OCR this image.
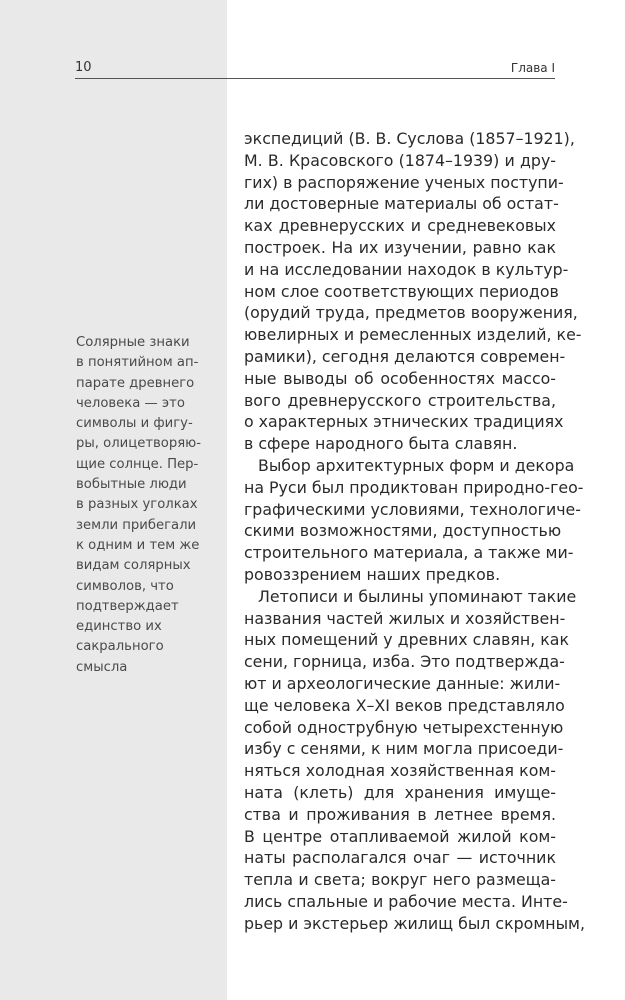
10	Глава I
Солярные знаки
в понятийном ап-
парате древнего
человека — это
символы и фигу-
ры, олицетворяю-
щие солнце. Пер-
вобытные люди
в разных уголках
земли прибегали
к одним и тем же
видам солярных
символов, что
подтверждает
единство их
сакрального
смысла

экспедиций (В. В. Суслова (1857–1921),
М. В. Красовского (1874–1939) и дру-
гих) в распоряжение ученых поступи-
ли достоверные материалы об остат-
ках древнерусских и средневековых
построек. На их изучении, равно как
и на исследовании находок в культур-
ном слое соответствующих периодов
(орудий труда, предметов вооружения,
ювелирных и ремесленных изделий, ке-
рамики), сегодня делаются современ-
ные выводы об особенностях массо-
вого древнерусского строительства,
о характерных этнических традициях
в сфере народного быта славян.

Выбор архитектурных форм и декора
на Руси был продиктован природно-гео-
графическими условиями, технологиче-
скими возможностями, доступностью
строительного материала, а также ми-
ровоззрением наших предков.

Летописи и былины упоминают такие
названия частей жилых и хозяйствен-
ных помещений у древних славян, как
сени, горница, изба. Это подтверждa-
ют и археологические данные: жили-
ще человека X–XI веков представляло
собой однострубную четырехстенную
избу с сенями, к ним могла присоеди-
няться холодная хозяйственная ком-
ната (клеть) для хранения имуще-
ства и проживания в летнее время.
В центре отапливаемой жилой ком-
наты располагался очаг — источник
тепла и света; вокруг него размеща-
лись спальные и рабочие места. Инте-
рьер и экстерьер жилищ был скромным,
